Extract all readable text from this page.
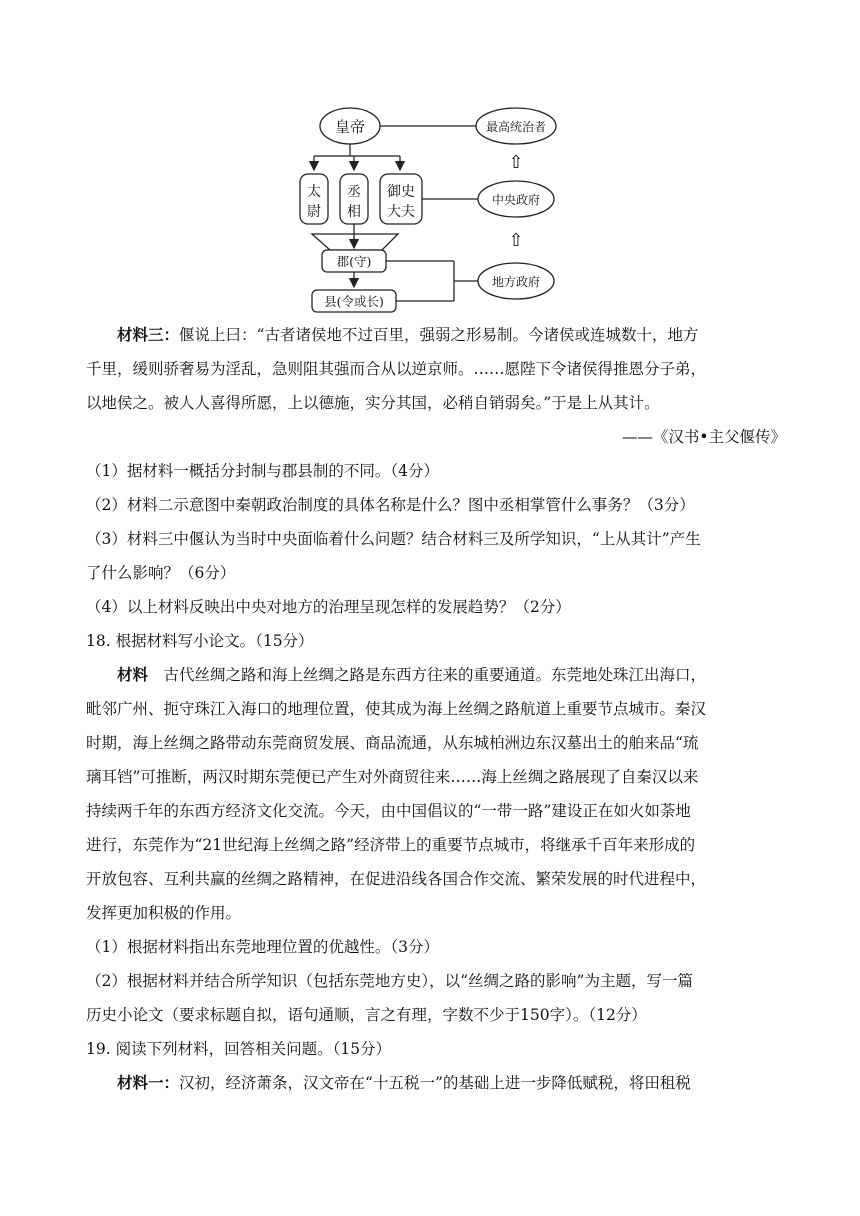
皇帝	最高统治者
太
尉
丞
相
御史
大夫
中央政府
⇧
⇧
郡(守)
县(令或长)
地方政府

材料三：偃说上曰：“古者诸侯地不过百里，强弱之形易制。今诸侯或连城数十，地方

千里，缓则骄奢易为淫乱，急则阻其强而合从以逆京师。……愿陛下令诸侯得推恩分子弟，

以地侯之。被人人喜得所愿，上以德施，实分其国，必稍自销弱矣。”于是上从其计。

——《汉书•主父偃传》

（1）据材料一概括分封制与郡县制的不同。（4分）

（2）材料二示意图中秦朝政治制度的具体名称是什么？图中丞相掌管什么事务？（3分）

（3）材料三中偃认为当时中央面临着什么问题？结合材料三及所学知识，“上从其计”产生

了什么影响？（6分）

（4）以上材料反映出中央对地方的治理呈现怎样的发展趋势？（2分）

18. 根据材料写小论文。（15分）

材料　古代丝绸之路和海上丝绸之路是东西方往来的重要通道。东莞地处珠江出海口，

毗邻广州、扼守珠江入海口的地理位置，使其成为海上丝绸之路航道上重要节点城市。秦汉

时期，海上丝绸之路带动东莞商贸发展、商品流通，从东城柏洲边东汉墓出土的舶来品“琉

璃耳铛”可推断，两汉时期东莞便已产生对外商贸往来……海上丝绸之路展现了自秦汉以来

持续两千年的东西方经济文化交流。今天，由中国倡议的“一带一路”建设正在如火如荼地

进行，东莞作为“21世纪海上丝绸之路”经济带上的重要节点城市，将继承千百年来形成的

开放包容、互利共赢的丝绸之路精神，在促进沿线各国合作交流、繁荣发展的时代进程中，

发挥更加积极的作用。

（1）根据材料指出东莞地理位置的优越性。（3分）

（2）根据材料并结合所学知识（包括东莞地方史），以“丝绸之路的影响”为主题，写一篇

历史小论文（要求标题自拟，语句通顺，言之有理，字数不少于150字）。（12分）

19. 阅读下列材料，回答相关问题。（15分）

材料一：汉初，经济萧条，汉文帝在“十五税一”的基础上进一步降低赋税，将田租税
